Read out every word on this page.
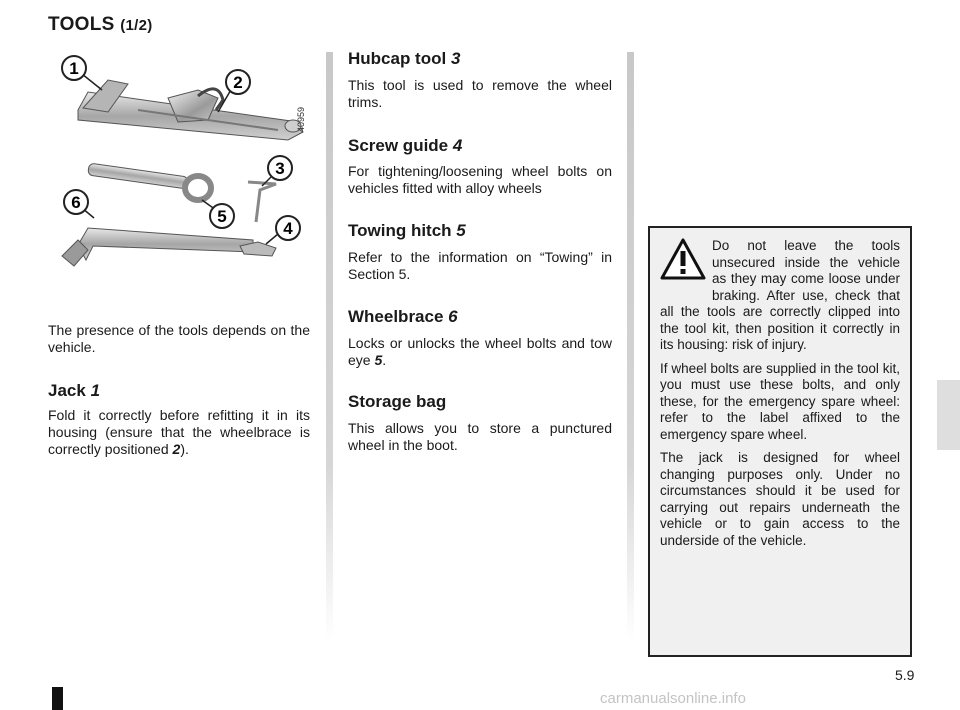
TOOLS (1/2)
1
2
3
4
5
6
40959
The presence of the tools depends on the vehicle.
Jack 1
Fold it correctly before refitting it in its housing (ensure that the wheelbrace is correctly positioned 2).
Hubcap tool 3
This tool is used to remove the wheel trims.
Screw guide 4
For tightening/loosening wheel bolts on vehicles fitted with alloy wheels
Towing hitch 5
Refer to the information on “Towing” in Section 5.
Wheelbrace 6
Locks or unlocks the wheel bolts and tow eye 5.
Storage bag
This allows you to store a punctured wheel in the boot.

Do not leave the tools unsecured inside the vehicle as they may come loose under braking. After use, check that all the tools are correctly clipped into the tool kit, then position it correctly in its housing: risk of injury.

If wheel bolts are supplied in the tool kit, you must use these bolts, and only these, for the emergency spare wheel: refer to the label affixed to the emergency spare wheel.

The jack is designed for wheel changing purposes only. Under no circumstances should it be used for carrying out repairs underneath the vehicle or to gain access to the underside of the vehicle.

5.9
carmanualsonline.info
